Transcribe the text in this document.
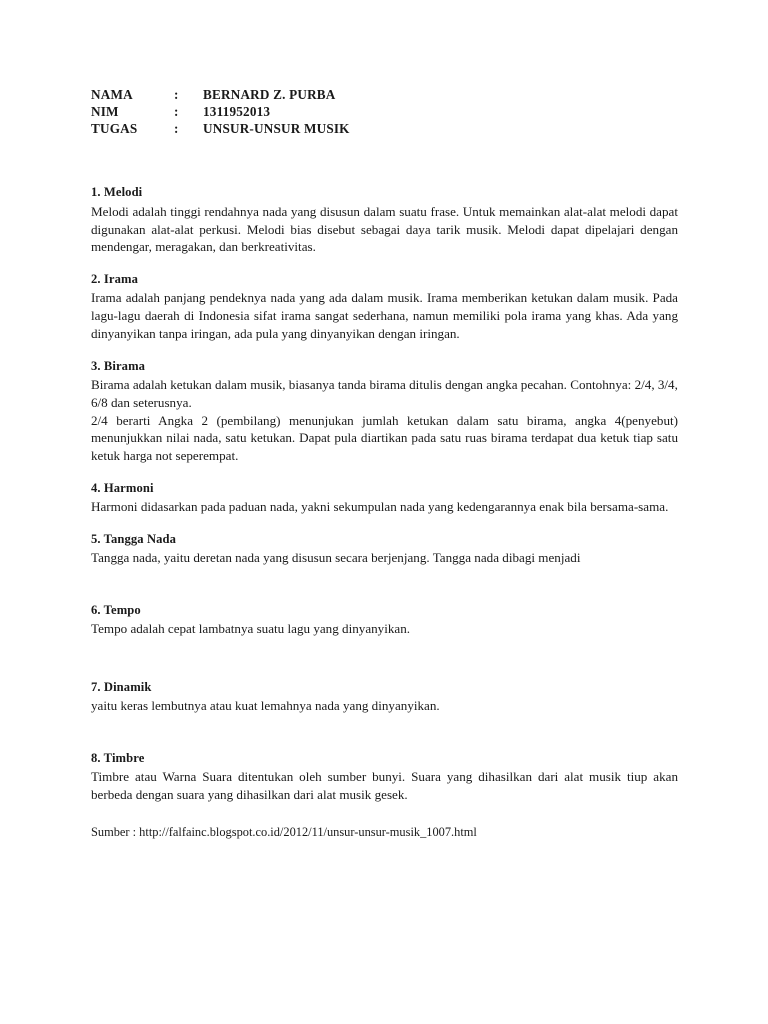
NAMA	:	BERNARD Z. PURBA
NIM	:	1311952013
TUGAS	:	UNSUR-UNSUR MUSIK
1. Melodi
Melodi adalah tinggi rendahnya nada yang disusun dalam suatu frase. Untuk memainkan alat-alat melodi dapat digunakan alat-alat perkusi. Melodi bias disebut sebagai daya tarik musik. Melodi dapat dipelajari dengan mendengar, meragakan, dan berkreativitas.
2. Irama
Irama adalah panjang pendeknya nada yang ada dalam musik. Irama memberikan ketukan dalam musik. Pada lagu-lagu daerah di Indonesia sifat irama sangat sederhana, namun memiliki pola irama yang khas. Ada yang dinyanyikan tanpa iringan, ada pula yang dinyanyikan dengan iringan.
3. Birama
Birama adalah ketukan dalam musik, biasanya tanda birama ditulis dengan angka pecahan. Contohnya: 2/4, 3/4, 6/8 dan seterusnya.
2/4 berarti Angka 2 (pembilang) menunjukan jumlah ketukan dalam satu birama, angka 4(penyebut) menunjukkan nilai nada, satu ketukan. Dapat pula diartikan pada satu ruas birama terdapat dua ketuk tiap satu ketuk harga not seperempat.
4. Harmoni
Harmoni didasarkan pada paduan nada, yakni sekumpulan nada yang kedengarannya enak bila bersama-sama.
5. Tangga Nada
Tangga nada, yaitu deretan nada yang disusun secara berjenjang. Tangga nada dibagi menjadi
6. Tempo
Tempo adalah cepat lambatnya suatu lagu yang dinyanyikan.
7. Dinamik
yaitu keras lembutnya atau kuat lemahnya nada yang dinyanyikan.
8. Timbre
Timbre atau Warna Suara ditentukan oleh sumber bunyi. Suara yang dihasilkan dari alat musik tiup akan berbeda dengan suara yang dihasilkan dari alat musik gesek.
Sumber : http://falfainc.blogspot.co.id/2012/11/unsur-unsur-musik_1007.html
